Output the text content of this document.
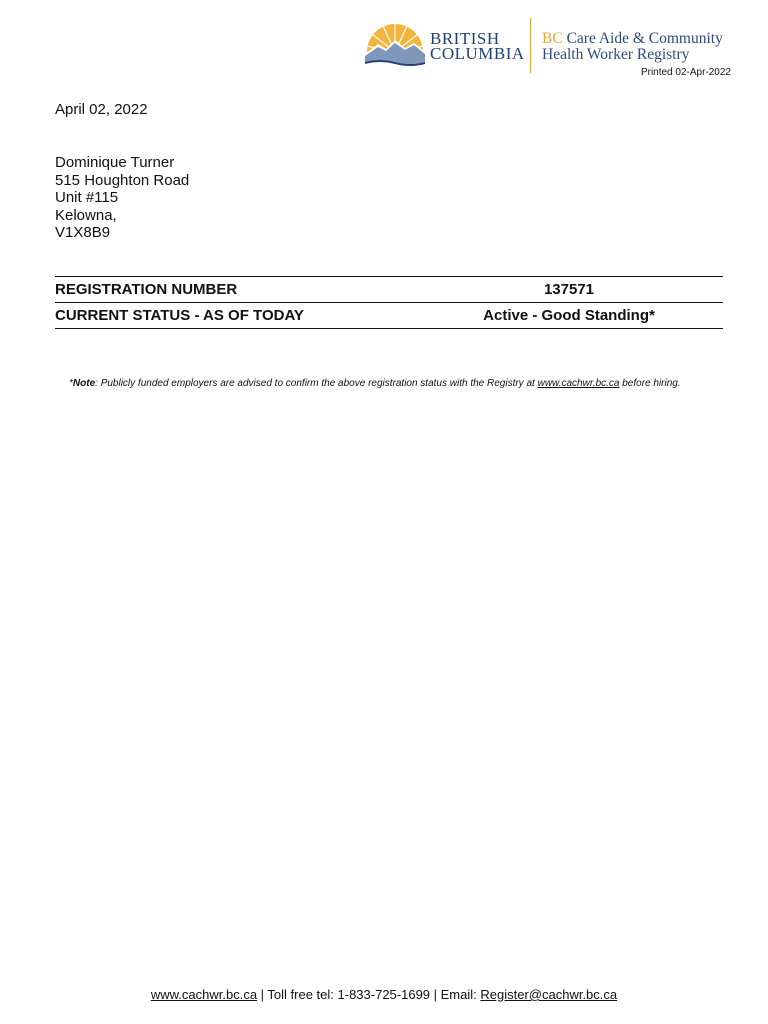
BRITISH
COLUMBIA
BC Care Aide & Community
Health Worker Registry
Printed 02-Apr-2022
April 02, 2022
Dominique Turner
515 Houghton Road
Unit #115
Kelowna,
V1X8B9
REGISTRATION NUMBER	137571
CURRENT STATUS - AS OF TODAY	Active - Good Standing*
*Note: Publicly funded employers are advised to confirm the above registration status with the Registry at www.cachwr.bc.ca before hiring.
www.cachwr.bc.ca | Toll free tel: 1-833-725-1699 | Email: Register@cachwr.bc.ca
